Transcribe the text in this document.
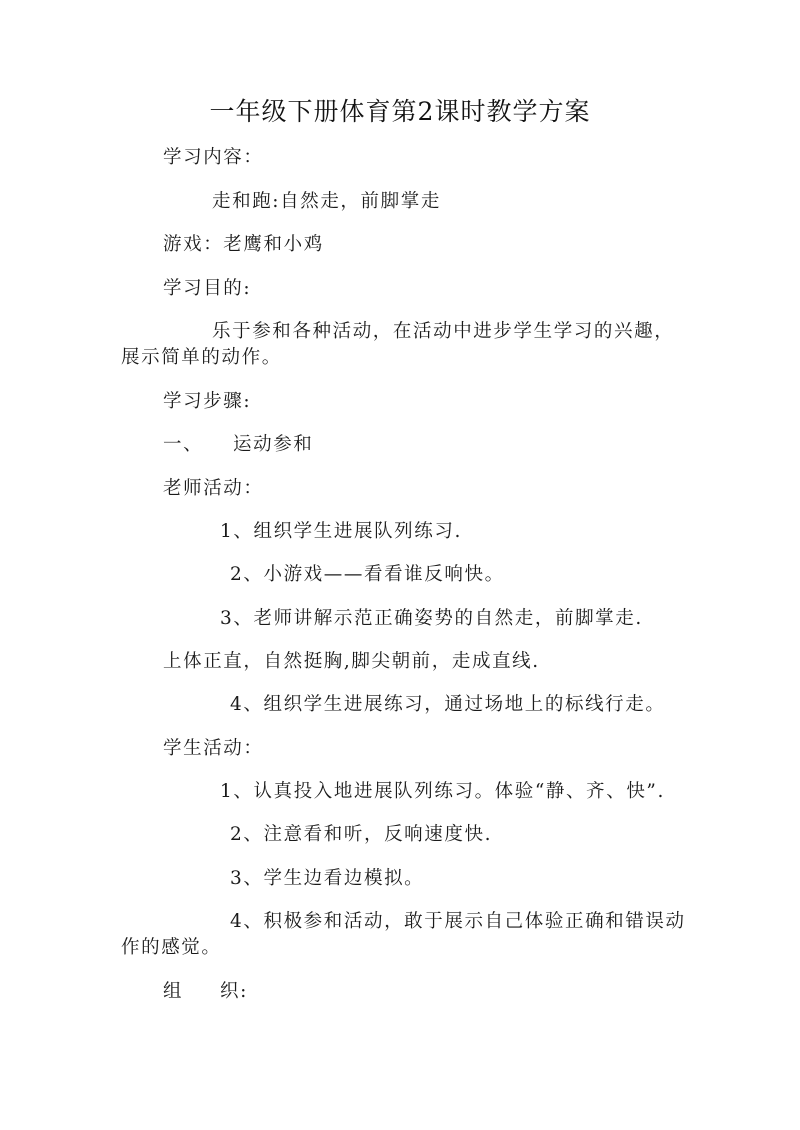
一年级下册体育第2课时教学方案
学习内容：
走和跑:自然走，前脚掌走
游戏：老鹰和小鸡
学习目的:
乐于参和各种活动，在活动中进步学生学习的兴趣，
展示简单的动作。
学习步骤:
一、 运动参和
老师活动：
1、组织学生进展队列练习.
2、小游戏——看看谁反响快。
3、老师讲解示范正确姿势的自然走，前脚掌走.
上体正直，自然挺胸,脚尖朝前，走成直线.
4、组织学生进展练习，通过场地上的标线行走。
学生活动：
1、认真投入地进展队列练习。体验“静、齐、快”.
2、注意看和听，反响速度快.
3、学生边看边模拟。
4、积极参和活动，敢于展示自己体验正确和错误动
作的感觉。
组 织:
